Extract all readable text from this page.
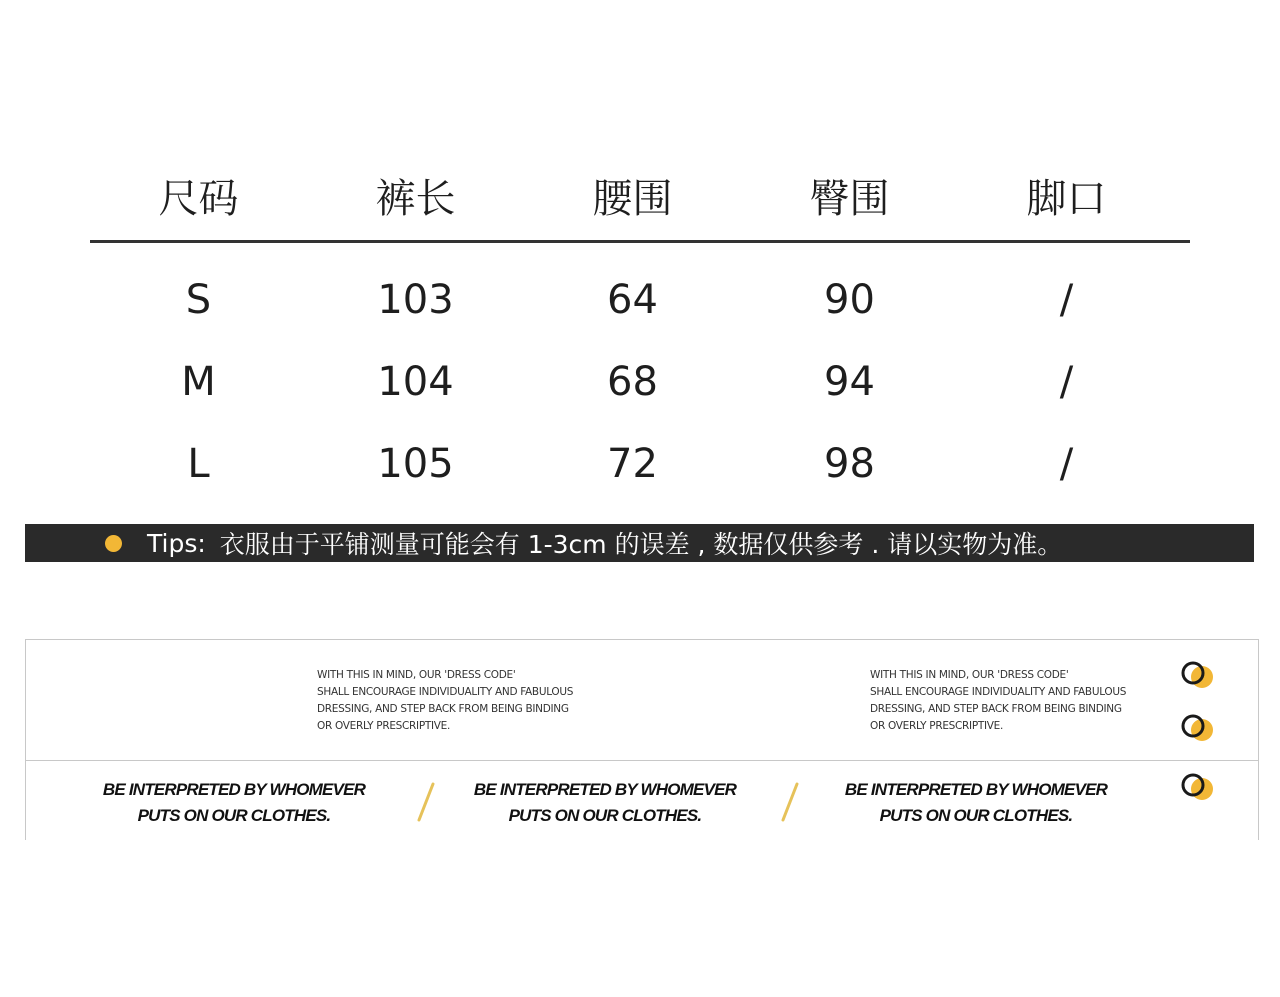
尺码	裤长	腰围	臀围	脚口
S	103	64	90	/
M	104	68	94	/
L	105	72	98	/
Tips: 衣服由于平铺测量可能会有 1-3cm 的误差 , 数据仅供参考 . 请以实物为准。
WITH THIS IN MIND, OUR 'DRESS CODE'
SHALL ENCOURAGE INDIVIDUALITY AND FABULOUS
DRESSING, AND STEP BACK FROM BEING BINDING
OR OVERLY PRESCRIPTIVE.
WITH THIS IN MIND, OUR 'DRESS CODE'
SHALL ENCOURAGE INDIVIDUALITY AND FABULOUS
DRESSING, AND STEP BACK FROM BEING BINDING
OR OVERLY PRESCRIPTIVE.
BE INTERPRETED BY WHOMEVER
PUTS ON OUR CLOTHES.
BE INTERPRETED BY WHOMEVER
PUTS ON OUR CLOTHES.
BE INTERPRETED BY WHOMEVER
PUTS ON OUR CLOTHES.
